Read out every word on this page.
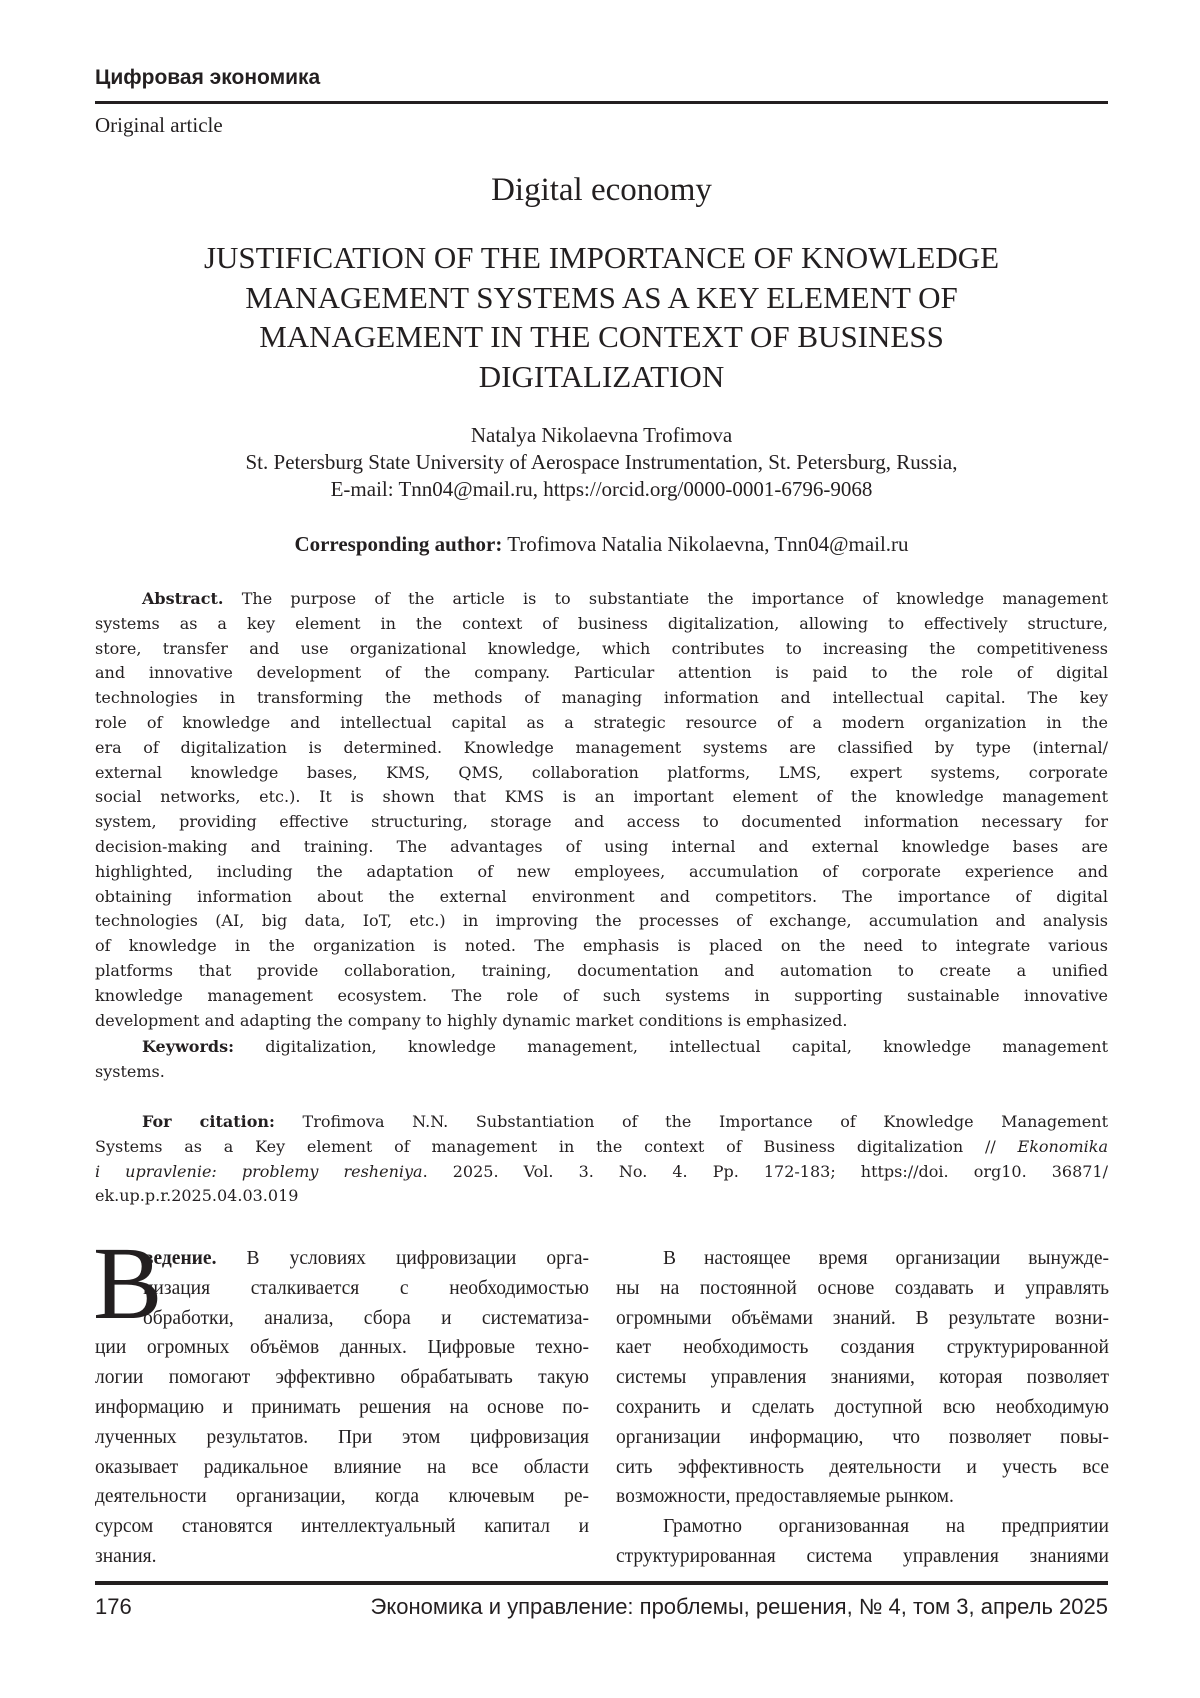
Цифровая экономика
Original article
Digital economy
JUSTIFICATION OF THE IMPORTANCE OF KNOWLEDGE
MANAGEMENT SYSTEMS AS A KEY ELEMENT OF
MANAGEMENT IN THE CONTEXT OF BUSINESS
DIGITALIZATION
Natalya Nikolaevna Trofimova
St. Petersburg State University of Aerospace Instrumentation, St. Petersburg, Russia,
E-mail: Tnn04@mail.ru, https://orcid.org/0000-0001-6796-9068
Corresponding author: Trofimova Natalia Nikolaevna, Tnn04@mail.ru
Abstract. The purpose of the article is to substantiate the importance of knowledge management
systems as a key element in the context of business digitalization, allowing to effectively structure,
store, transfer and use organizational knowledge, which contributes to increasing the competitiveness
and innovative development of the company. Particular attention is paid to the role of digital
technologies in transforming the methods of managing information and intellectual capital. The key
role of knowledge and intellectual capital as a strategic resource of a modern organization in the
era of digitalization is determined. Knowledge management systems are classified by type (internal/
external knowledge bases, KMS, QMS, collaboration platforms, LMS, expert systems, corporate
social networks, etc.). It is shown that KMS is an important element of the knowledge management
system, providing effective structuring, storage and access to documented information necessary for
decision-making and training. The advantages of using internal and external knowledge bases are
highlighted, including the adaptation of new employees, accumulation of corporate experience and
obtaining information about the external environment and competitors. The importance of digital
technologies (AI, big data, IoT, etc.) in improving the processes of exchange, accumulation and analysis
of knowledge in the organization is noted. The emphasis is placed on the need to integrate various
platforms that provide collaboration, training, documentation and automation to create a unified
knowledge management ecosystem. The role of such systems in supporting sustainable innovative
development and adapting the company to highly dynamic market conditions is emphasized.
Keywords: digitalization, knowledge management, intellectual capital, knowledge management
systems.
For citation: Trofimova N.N. Substantiation of the Importance of Knowledge Management
Systems as a Key element of management in the context of Business digitalization // Ekonomika
i upravlenie: problemy resheniya. 2025. Vol. 3. No. 4. Pp. 172-183; https://doi. org10. 36871/
ek.up.p.r.2025.04.03.019
В
ведение. В условиях цифровизации орга-
низация сталкивается с необходимостью
обработки, анализа, сбора и систематиза-
ции огромных объёмов данных. Цифровые техно-
логии помогают эффективно обрабатывать такую
информацию и принимать решения на основе по-
лученных результатов. При этом цифровизация
оказывает радикальное влияние на все области
деятельности организации, когда ключевым ре-
сурсом становятся интеллектуальный капитал и
знания.
В настоящее время организации вынужде-
ны на постоянной основе создавать и управлять
огромными объёмами знаний. В результате возни-
кает необходимость создания структурированной
системы управления знаниями, которая позволяет
сохранить и сделать доступной всю необходимую
организации информацию, что позволяет повы-
сить эффективность деятельности и учесть все
возможности, предоставляемые рынком.
Грамотно организованная на предприятии
структурированная система управления знаниями
176	Экономика и управление: проблемы, решения, № 4, том 3, апрель 2025
